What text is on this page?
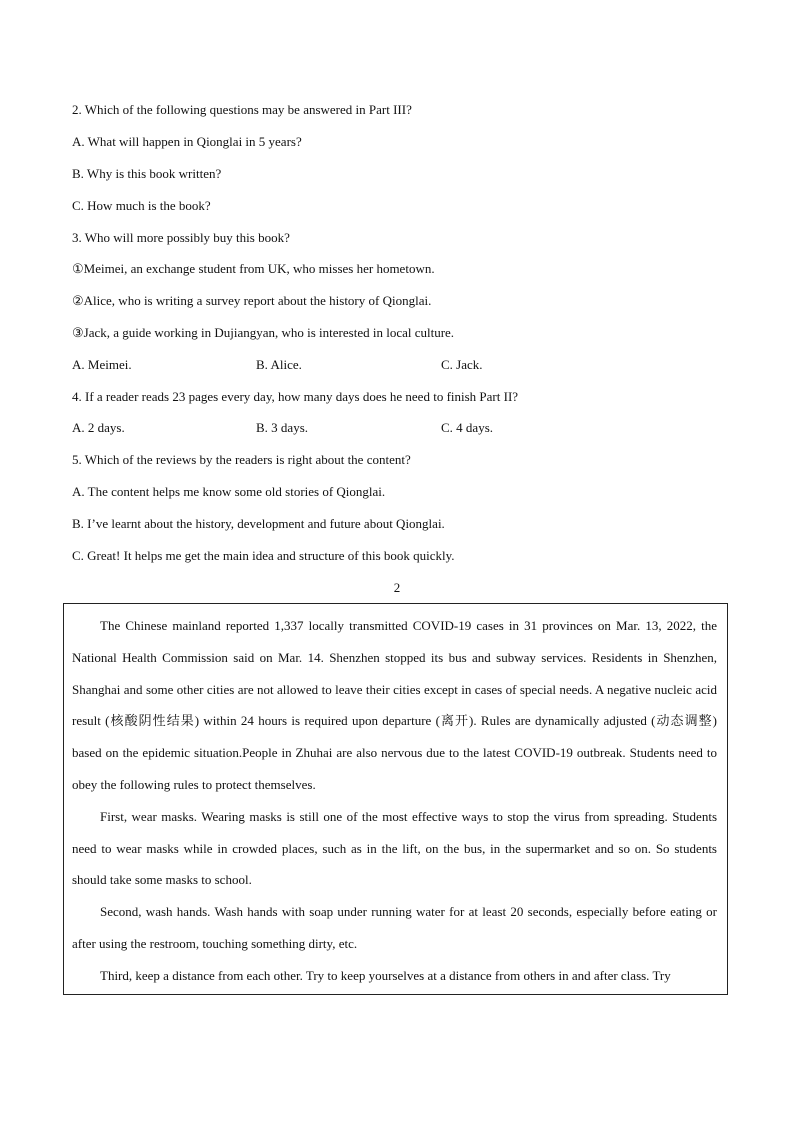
2. Which of the following questions may be answered in Part III?
A. What will happen in Qionglai in 5 years?
B. Why is this book written?
C. How much is the book?
3. Who will more possibly buy this book?
①Meimei, an exchange student from UK, who misses her hometown.
②Alice, who is writing a survey report about the history of Qionglai.
③Jack, a guide working in Dujiangyan, who is interested in local culture.
A. Meimei.	B. Alice.	C. Jack.
4. If a reader reads 23 pages every day, how many days does he need to finish Part II?
A. 2 days.	B. 3 days.	C. 4 days.
5. Which of the reviews by the readers is right about the content?
A. The content helps me know some old stories of Qionglai.
B. I’ve learnt about the history, development and future about Qionglai.
C. Great! It helps me get the main idea and structure of this book quickly.
2

The Chinese mainland reported 1,337 locally transmitted COVID-19 cases in 31 provinces on Mar. 13, 2022, the National Health Commission said on Mar. 14. Shenzhen stopped its bus and subway services. Residents in Shenzhen, Shanghai and some other cities are not allowed to leave their cities except in cases of special needs. A negative nucleic acid result (核酸阴性结果) within 24 hours is required upon departure (离开). Rules are dynamically adjusted (动态调整) based on the epidemic situation.People in Zhuhai are also nervous due to the latest COVID-19 outbreak. Students need to obey the following rules to protect themselves.

First, wear masks. Wearing masks is still one of the most effective ways to stop the virus from spreading. Students need to wear masks while in crowded places, such as in the lift, on the bus, in the supermarket and so on. So students should take some masks to school.

Second, wash hands. Wash hands with soap under running water for at least 20 seconds, especially before eating or after using the restroom, touching something dirty, etc.

Third, keep a distance from each other. Try to keep yourselves at a distance from others in and after class. Try
